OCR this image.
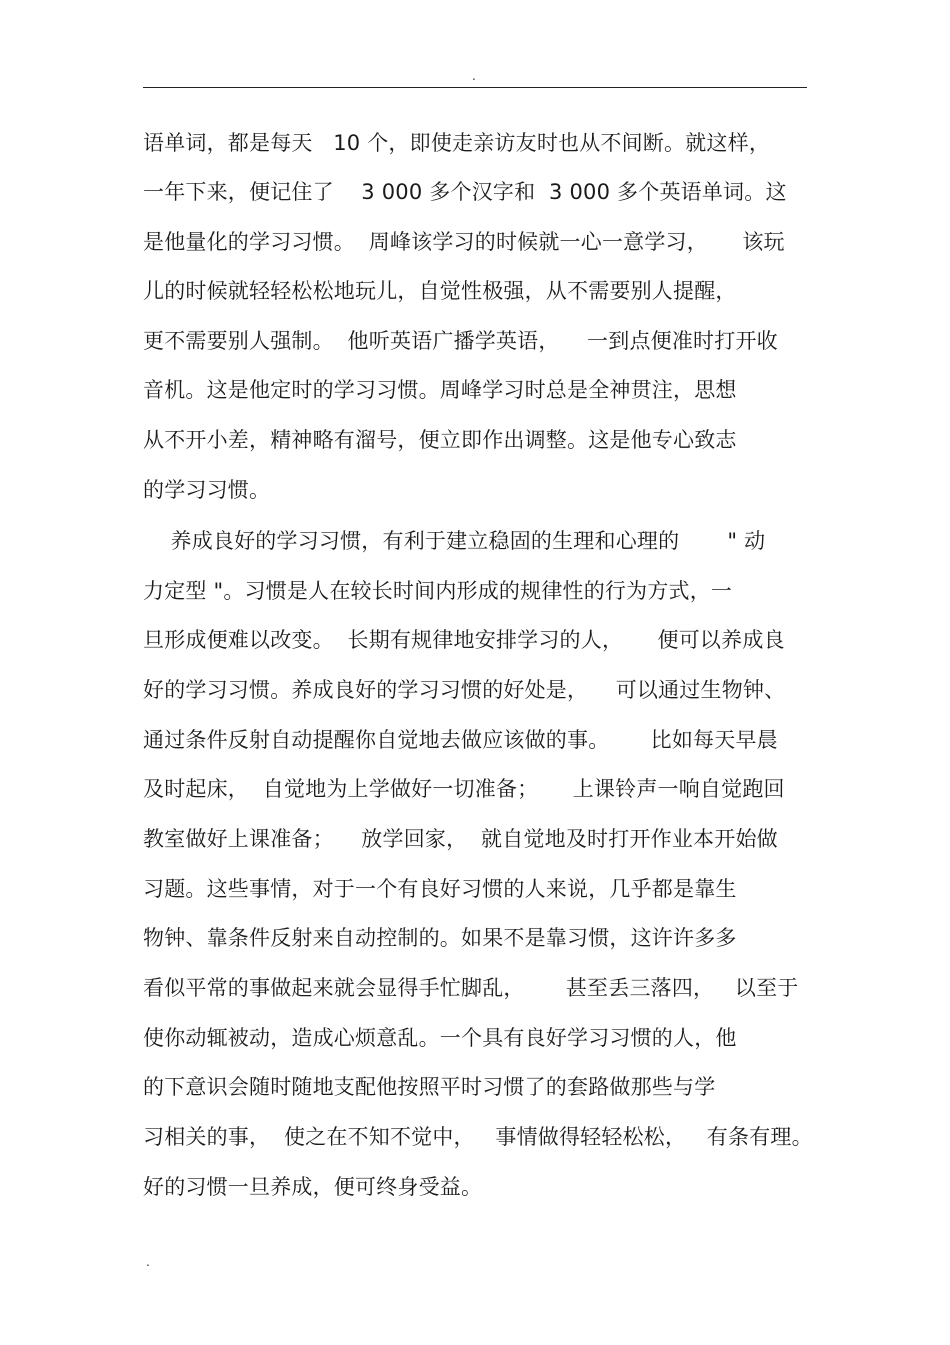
.
语单词，都是每天   10 个，即使走亲访友时也从不间断。就这样，
一年下来，便记住了    3 000 多个汉字和  3 000 多个英语单词。这
是他量化的学习习惯。  周峰该学习的时候就一心一意学习，     该玩
儿的时候就轻轻松松地玩儿，自觉性极强，从不需要别人提醒，
更不需要别人强制。  他听英语广播学英语，    一到点便准时打开收
音机。这是他定时的学习习惯。周峰学习时总是全神贯注，思想
从不开小差，精神略有溜号，便立即作出调整。这是他专心致志
的学习习惯。
养成良好的学习习惯，有利于建立稳固的生理和心理的       " 动
力定型 "。习惯是人在较长时间内形成的规律性的行为方式，一
旦形成便难以改变。  长期有规律地安排学习的人，     便可以养成良
好的学习习惯。养成良好的学习习惯的好处是，    可以通过生物钟、
通过条件反射自动提醒你自觉地去做应该做的事。      比如每天早晨
及时起床，  自觉地为上学做好一切准备；     上课铃声一响自觉跑回
教室做好上课准备；    放学回家，  就自觉地及时打开作业本开始做
习题。这些事情，对于一个有良好习惯的人来说，几乎都是靠生
物钟、靠条件反射来自动控制的。如果不是靠习惯，这许许多多
看似平常的事做起来就会显得手忙脚乱，      甚至丢三落四，   以至于
使你动辄被动，造成心烦意乱。一个具有良好学习习惯的人，他
的下意识会随时随地支配他按照平时习惯了的套路做那些与学
习相关的事，  使之在不知不觉中，   事情做得轻轻松松，   有条有理。
好的习惯一旦养成，便可终身受益。
.
